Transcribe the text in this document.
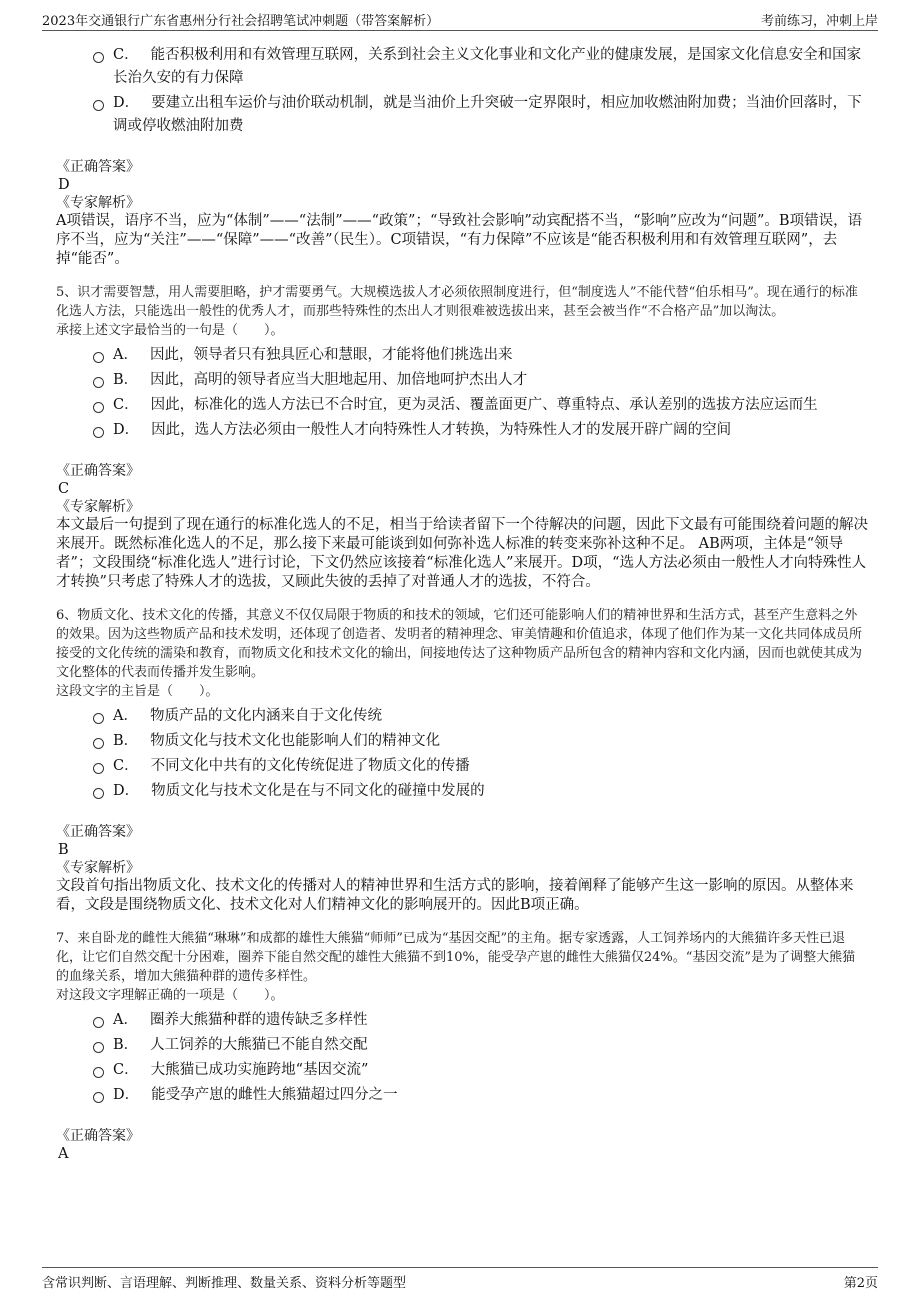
2023年交通银行广东省惠州分行社会招聘笔试冲刺题（带答案解析）	考前练习，冲刺上岸
C． 能否积极利用和有效管理互联网，关系到社会主义文化事业和文化产业的健康发展，是国家文化信息安全和国家长治久安的有力保障
D． 要建立出租车运价与油价联动机制，就是当油价上升突破一定界限时，相应加收燃油附加费；当油价回落时，下调或停收燃油附加费
《正确答案》
D
《专家解析》
A项错误，语序不当，应为“体制”——“法制”——“政策”；“导致社会影响”动宾配搭不当，“影响”应改为“问题”。B项错误，语序不当，应为“关注”——“保障”——“改善”（民生）。C项错误，“有力保障”不应该是“能否积极利用和有效管理互联网”，去掉“能否”。
5、识才需要智慧，用人需要胆略，护才需要勇气。大规模选拔人才必须依照制度进行，但“制度选人”不能代替“伯乐相马”。现在通行的标准化选人方法，只能选出一般性的优秀人才，而那些特殊性的杰出人才则很难被选拔出来，甚至会被当作“不合格产品”加以淘汰。
承接上述文字最恰当的一句是（　　）。
A． 因此，领导者只有独具匠心和慧眼，才能将他们挑选出来
B． 因此，高明的领导者应当大胆地起用、加倍地呵护杰出人才
C． 因此，标准化的选人方法已不合时宜，更为灵活、覆盖面更广、尊重特点、承认差别的选拔方法应运而生
D． 因此，选人方法必须由一般性人才向特殊性人才转换，为特殊性人才的发展开辟广阔的空间
《正确答案》
C
《专家解析》
本文最后一句提到了现在通行的标准化选人的不足，相当于给读者留下一个待解决的问题，因此下文最有可能围绕着问题的解决来展开。既然标准化选人的不足，那么接下来最可能谈到如何弥补选人标准的转变来弥补这种不足。 AB两项，主体是“领导者”；文段围绕“标准化选人”进行讨论，下文仍然应该接着“标准化选人”来展开。D项，“选人方法必须由一般性人才向特殊性人才转换”只考虑了特殊人才的选拔，又顾此失彼的丢掉了对普通人才的选拔，不符合。
6、物质文化、技术文化的传播，其意义不仅仅局限于物质的和技术的领域，它们还可能影响人们的精神世界和生活方式，甚至产生意料之外的效果。因为这些物质产品和技术发明，还体现了创造者、发明者的精神理念、审美情趣和价值追求，体现了他们作为某一文化共同体成员所接受的文化传统的濡染和教育，而物质文化和技术文化的输出，间接地传达了这种物质产品所包含的精神内容和文化内涵，因而也就使其成为文化整体的代表而传播并发生影响。
这段文字的主旨是（　　）。
A． 物质产品的文化内涵来自于文化传统
B． 物质文化与技术文化也能影响人们的精神文化
C． 不同文化中共有的文化传统促进了物质文化的传播
D． 物质文化与技术文化是在与不同文化的碰撞中发展的
《正确答案》
B
《专家解析》
文段首句指出物质文化、技术文化的传播对人的精神世界和生活方式的影响，接着阐释了能够产生这一影响的原因。从整体来看，文段是围绕物质文化、技术文化对人们精神文化的影响展开的。因此B项正确。
7、来自卧龙的雌性大熊猫“琳琳”和成都的雄性大熊猫“师师”已成为“基因交配”的主角。据专家透露，人工饲养场内的大熊猫许多天性已退化，让它们自然交配十分困难，圈养下能自然交配的雄性大熊猫不到10%，能受孕产崽的雌性大熊猫仅24%。“基因交流”是为了调整大熊猫的血缘关系，增加大熊猫种群的遗传多样性。
对这段文字理解正确的一项是（　　）。
A． 圈养大熊猫种群的遗传缺乏多样性
B． 人工饲养的大熊猫已不能自然交配
C． 大熊猫已成功实施跨地“基因交流”
D． 能受孕产崽的雌性大熊猫超过四分之一
《正确答案》
A
含常识判断、言语理解、判断推理、数量关系、资料分析等题型	第2页
